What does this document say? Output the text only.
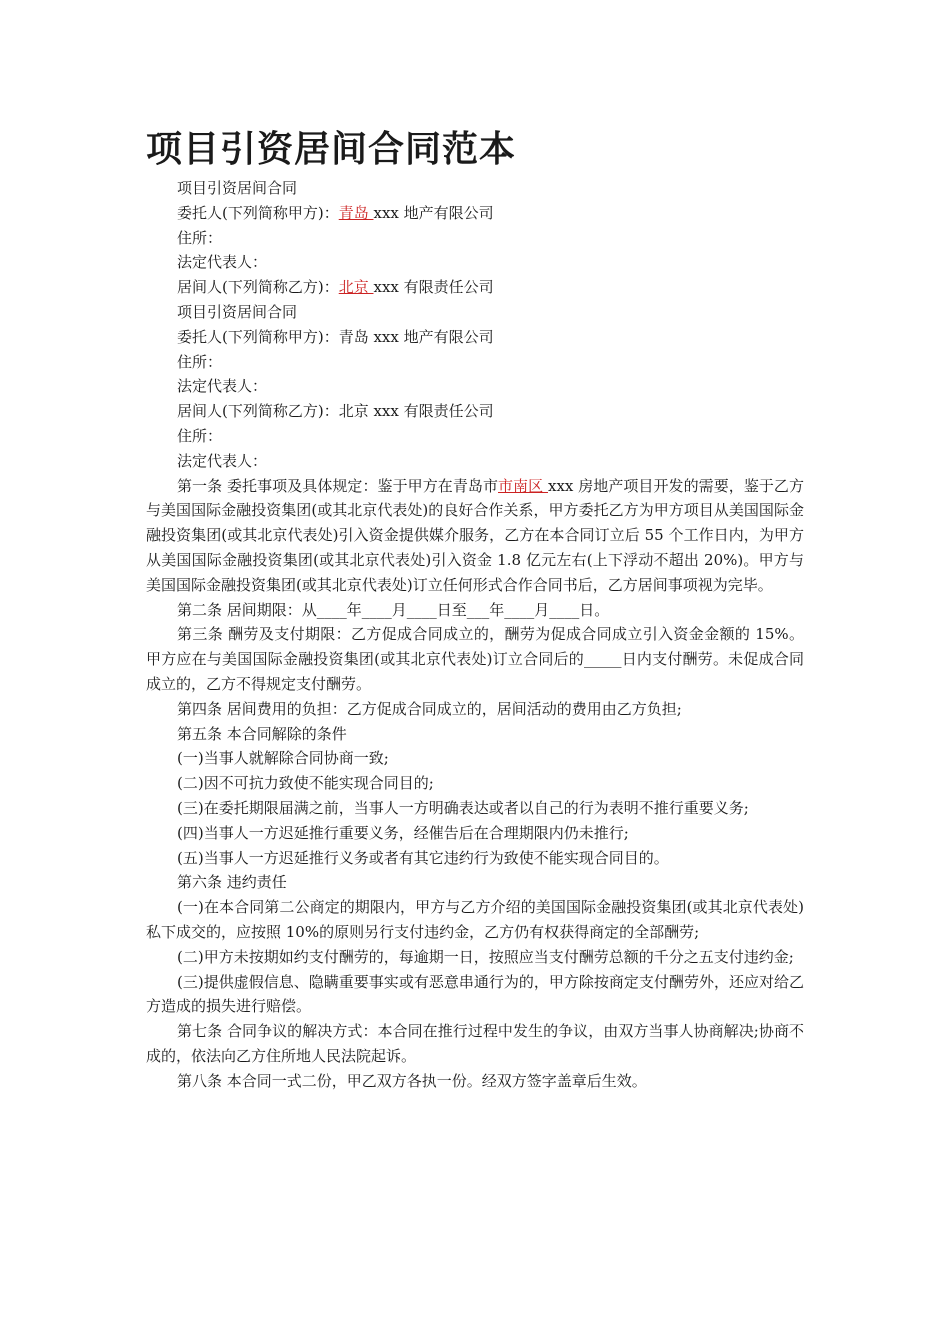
项目引资居间合同范本

项目引资居间合同

委托人(下列简称甲方)：青岛 xxx 地产有限公司

住所：

法定代表人：

居间人(下列简称乙方)：北京 xxx 有限责任公司

项目引资居间合同

委托人(下列简称甲方)：青岛 xxx 地产有限公司

住所：

法定代表人：

居间人(下列简称乙方)：北京 xxx 有限责任公司

住所：

法定代表人：

第一条 委托事项及具体规定：鉴于甲方在青岛市市南区 xxx 房地产项目开发的需要，鉴于乙方与美国国际金融投资集团(或其北京代表处)的良好合作关系，甲方委托乙方为甲方项目从美国国际金融投资集团(或其北京代表处)引入资金提供媒介服务，乙方在本合同订立后 55 个工作日内，为甲方从美国国际金融投资集团(或其北京代表处)引入资金 1.8 亿元左右(上下浮动不超出 20%)。甲方与美国国际金融投资集团(或其北京代表处)订立任何形式合作合同书后，乙方居间事项视为完毕。

第二条 居间期限：从____年____月____日至___年____月____日。

第三条 酬劳及支付期限：乙方促成合同成立的，酬劳为促成合同成立引入资金金额的 15%。甲方应在与美国国际金融投资集团(或其北京代表处)订立合同后的_____日内支付酬劳。未促成合同成立的，乙方不得规定支付酬劳。

第四条 居间费用的负担：乙方促成合同成立的，居间活动的费用由乙方负担;

第五条 本合同解除的条件

(一)当事人就解除合同协商一致;

(二)因不可抗力致使不能实现合同目的;

(三)在委托期限届满之前，当事人一方明确表达或者以自己的行为表明不推行重要义务;

(四)当事人一方迟延推行重要义务，经催告后在合理期限内仍未推行;

(五)当事人一方迟延推行义务或者有其它违约行为致使不能实现合同目的。

第六条 违约责任

(一)在本合同第二公商定的期限内，甲方与乙方介绍的美国国际金融投资集团(或其北京代表处)私下成交的，应按照 10%的原则另行支付违约金，乙方仍有权获得商定的全部酬劳;

(二)甲方未按期如约支付酬劳的，每逾期一日，按照应当支付酬劳总额的千分之五支付违约金;

(三)提供虚假信息、隐瞒重要事实或有恶意串通行为的，甲方除按商定支付酬劳外，还应对给乙方造成的损失进行赔偿。

第七条 合同争议的解决方式：本合同在推行过程中发生的争议，由双方当事人协商解决;协商不成的，依法向乙方住所地人民法院起诉。

第八条 本合同一式二份，甲乙双方各执一份。经双方签字盖章后生效。
